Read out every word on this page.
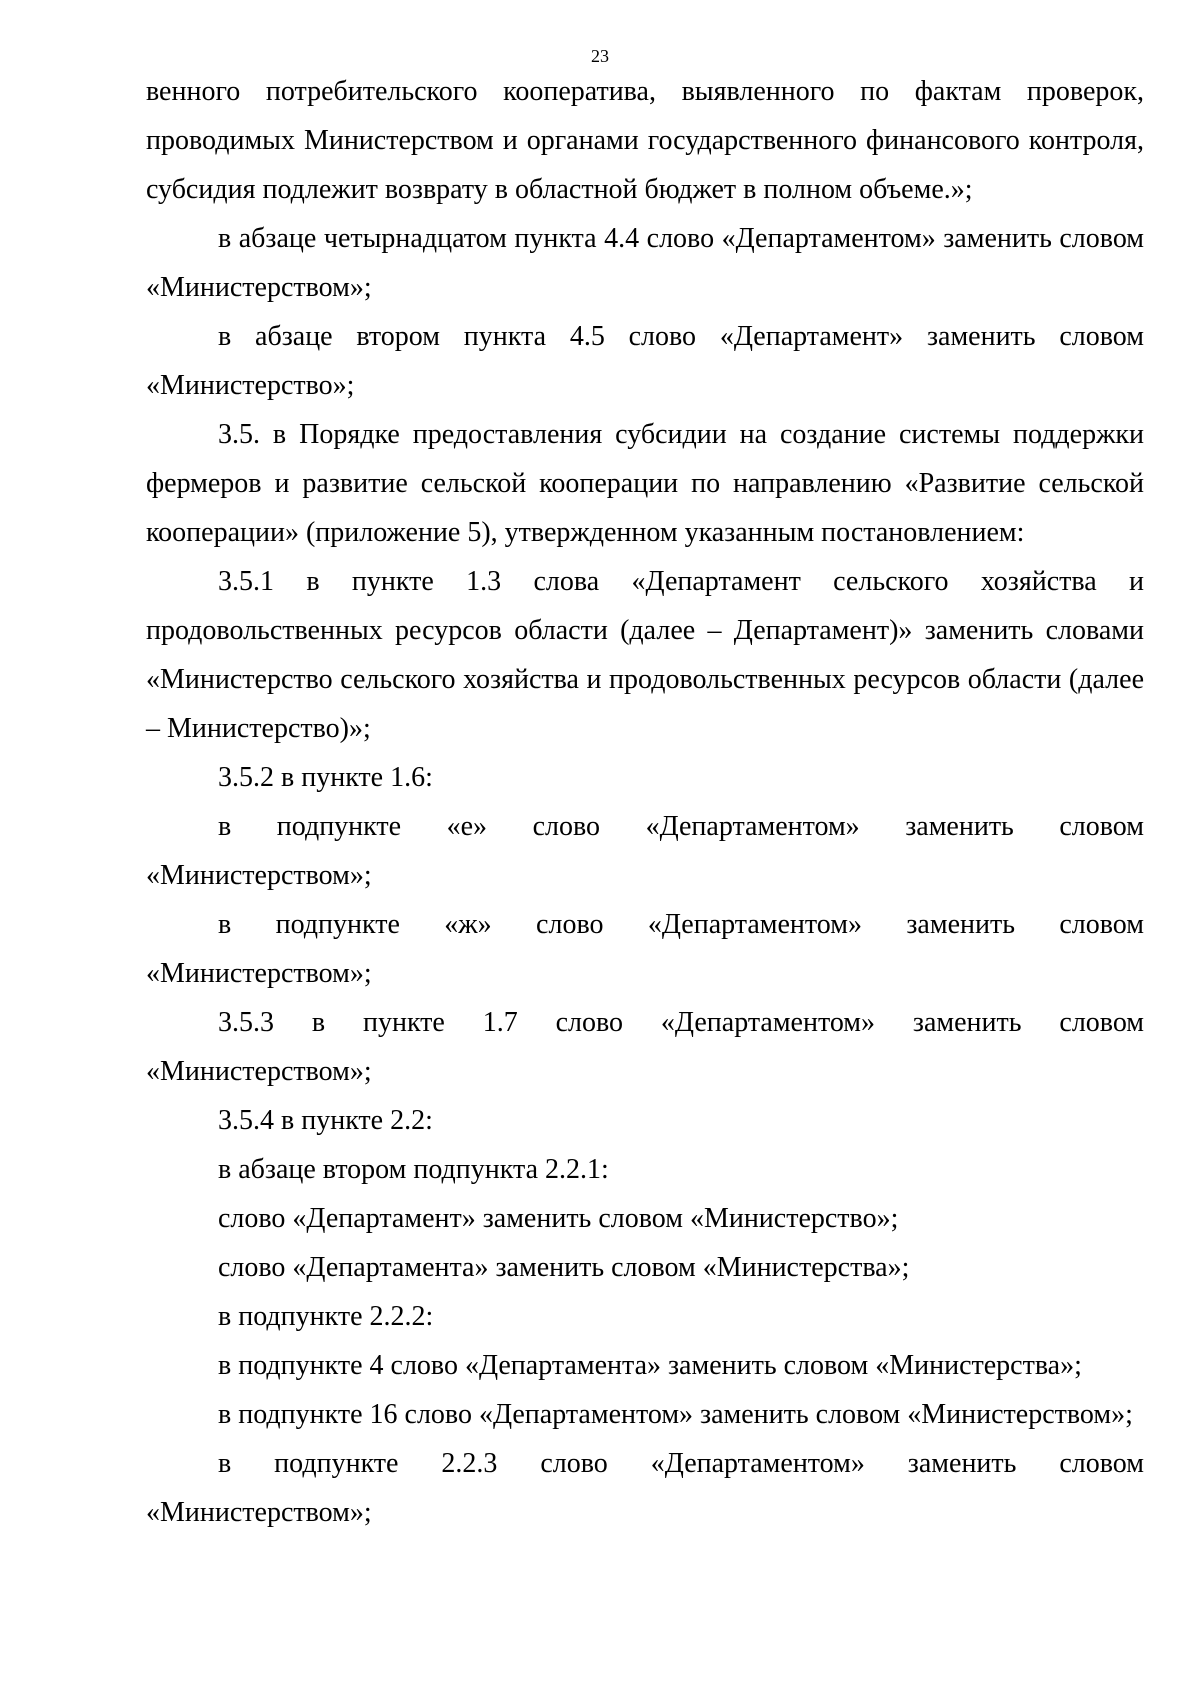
23

венного потребительского кооператива, выявленного по фактам проверок, проводимых Министерством и органами государственного финансового контроля, субсидия подлежит возврату в областной бюджет в полном объеме.»;

в абзаце четырнадцатом пункта 4.4 слово «Департаментом» заменить словом «Министерством»;

в абзаце втором пункта 4.5 слово «Департамент» заменить словом «Министерство»;

3.5. в Порядке предоставления субсидии на создание системы поддержки фермеров и развитие сельской кооперации по направлению «Развитие сельской кооперации» (приложение 5), утвержденном указанным постановлением:

3.5.1 в пункте 1.3 слова «Департамент сельского хозяйства и продовольственных ресурсов области (далее – Департамент)» заменить словами «Министерство сельского хозяйства и продовольственных ресурсов области (далее – Министерство)»;

3.5.2 в пункте 1.6:

в подпункте «е» слово «Департаментом» заменить словом «Министерством»;

в подпункте «ж» слово «Департаментом» заменить словом «Министерством»;

3.5.3 в пункте 1.7 слово «Департаментом» заменить словом «Министерством»;

3.5.4 в пункте 2.2:

в абзаце втором подпункта 2.2.1:

слово «Департамент» заменить словом «Министерство»;

слово «Департамента» заменить словом «Министерства»;

в подпункте 2.2.2:

в подпункте 4 слово «Департамента» заменить словом «Министерства»;

в подпункте 16 слово «Департаментом» заменить словом «Министерством»;

в подпункте 2.2.3 слово «Департаментом» заменить словом «Министерством»;
